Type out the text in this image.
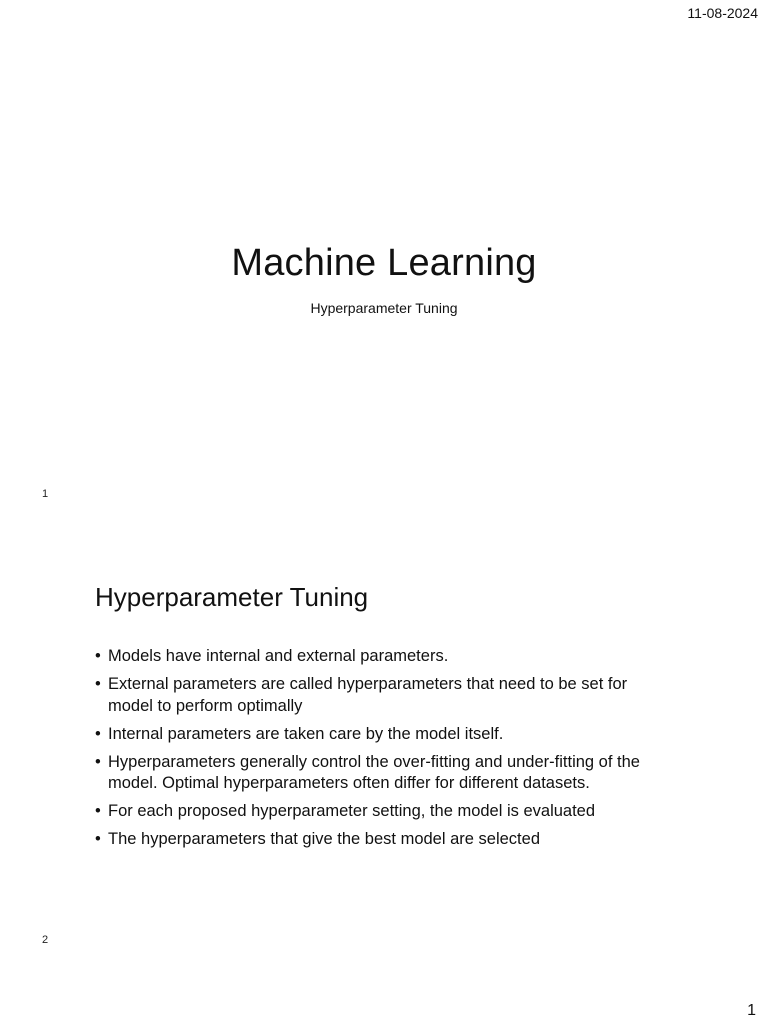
11-08-2024
Machine Learning
Hyperparameter Tuning
1
Hyperparameter Tuning
• Models have internal and external parameters.
• External parameters are called hyperparameters that need to be set for model to perform optimally
• Internal parameters are taken care by the model itself.
• Hyperparameters generally control the over-fitting and under-fitting of the model. Optimal hyperparameters often differ for different datasets.
• For each proposed hyperparameter setting, the model is evaluated
• The hyperparameters that give the best model are selected
2
1
